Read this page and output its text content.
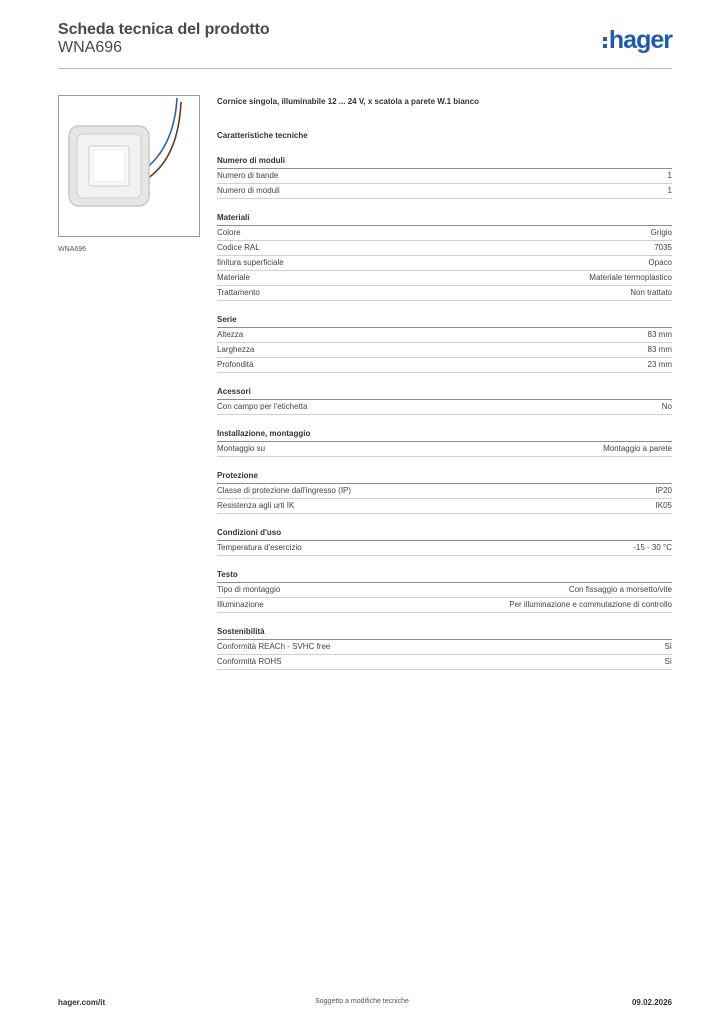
Scheda tecnica del prodotto
WNA696	hager
WNA696
Cornice singola, illuminabile 12 ... 24 V, x scatola a parete W.1 bianco
Caratteristiche tecniche
Numero di moduli
Numero di bande	1
Numero di moduli	1
Materiali
Colore	Grigio
Codice RAL	7035
finitura superficiale	Opaco
Materiale	Materiale termoplastico
Trattamento	Non trattato
Serie
Altezza	83 mm
Larghezza	83 mm
Profondità	23 mm
Acessori
Con campo per l'etichetta	No
Installazione, montaggio
Montaggio su	Montaggio a parete
Protezione
Classe di protezione dall'ingresso (IP)	IP20
Resistenza agli urti IK	IK05
Condizioni d'uso
Temperatura d'esercizio	-15 - 30 °C
Testo
Tipo di montaggio	Con fissaggio a morsetto/vite
Illuminazione	Per illuminazione e commutazione di controllo
Sostenibilità
Conformità REACh - SVHC free	Sì
Conformità ROHS	Sì
hager.com/it	Soggetto a modifiche tecniche	09.02.2026
